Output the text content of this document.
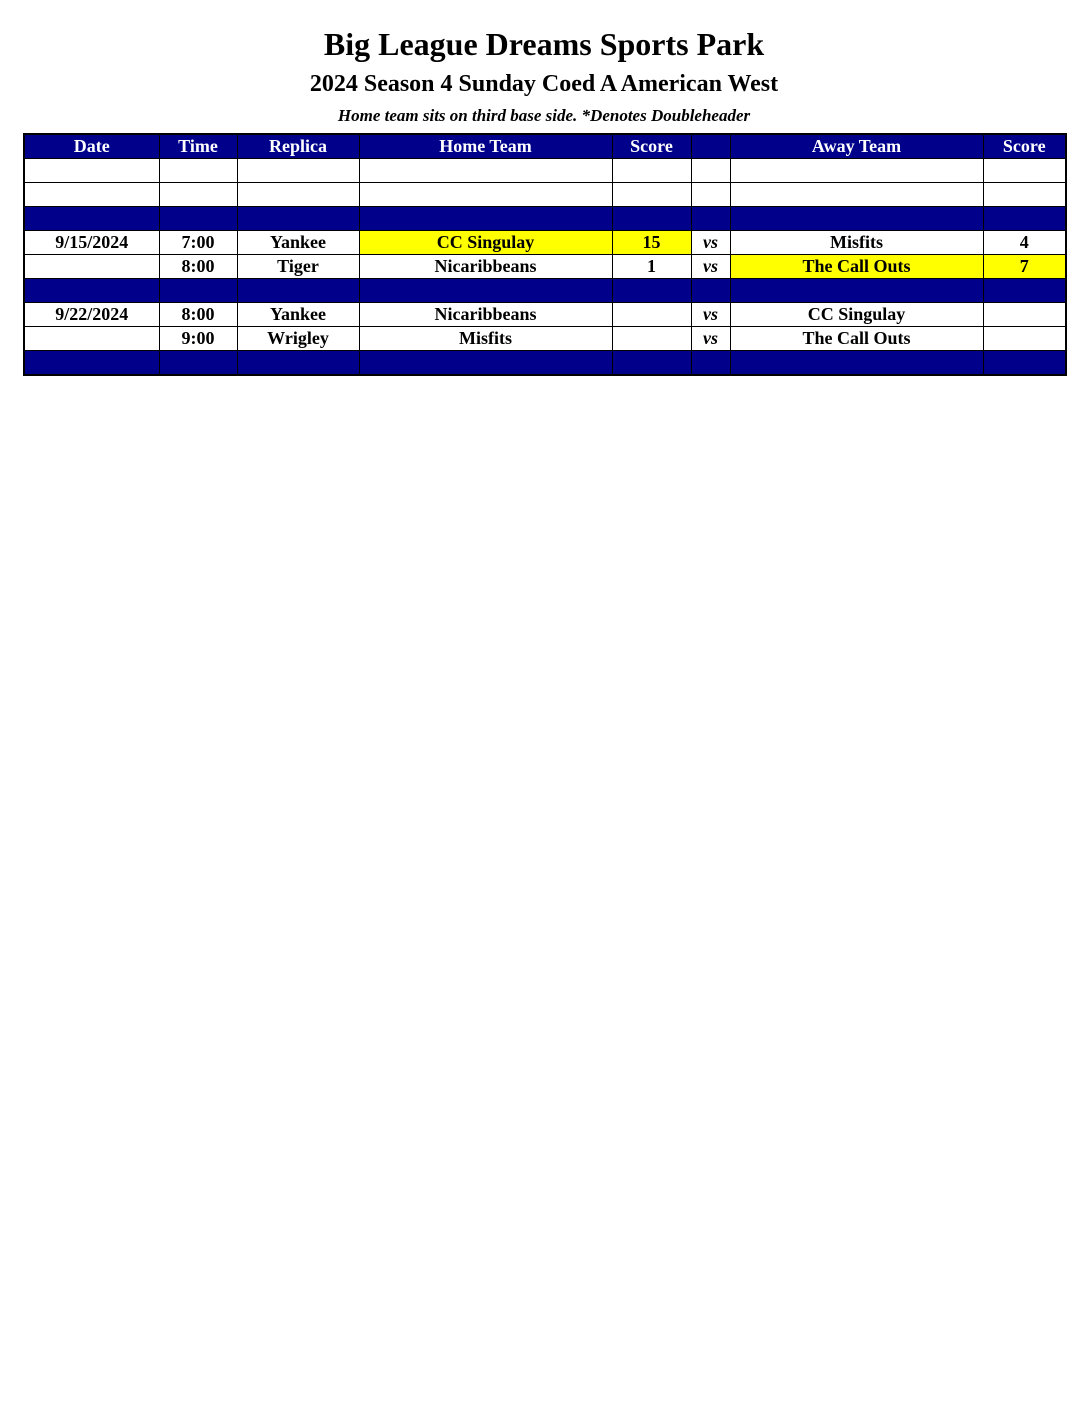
Big League Dreams Sports Park
2024 Season 4 Sunday Coed A American West
Home team sits on third base side. *Denotes Doubleheader
Date	Time	Replica	Home Team	Score		Away Team	Score

9/15/2024	7:00	Yankee	CC Singulay	15	vs	Misfits	4
	8:00	Tiger	Nicaribbeans	1	vs	The Call Outs	7

9/22/2024	8:00	Yankee	Nicaribbeans		vs	CC Singulay	
	9:00	Wrigley	Misfits		vs	The Call Outs	
